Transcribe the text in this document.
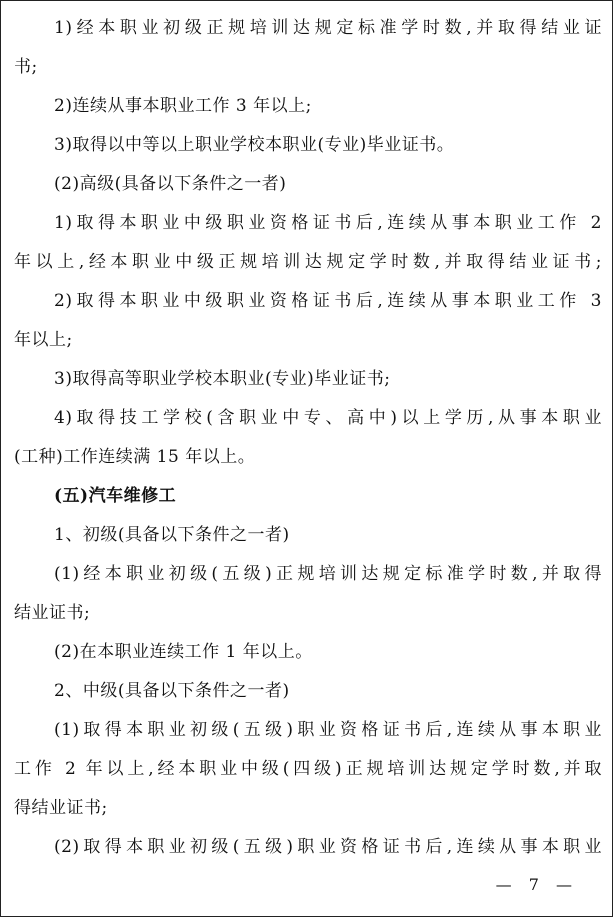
1)经本职业初级正规培训达规定标准学时数,并取得结业证
书;
2)连续从事本职业工作 3 年以上;
3)取得以中等以上职业学校本职业(专业)毕业证书。
(2)高级(具备以下条件之一者)
1)取得本职业中级职业资格证书后,连续从事本职业工作 2
年以上,经本职业中级正规培训达规定学时数,并取得结业证书;
2)取得本职业中级职业资格证书后,连续从事本职业工作 3
年以上;
3)取得高等职业学校本职业(专业)毕业证书;
4)取得技工学校(含职业中专、高中)以上学历,从事本职业
(工种)工作连续满 15 年以上。
(五)汽车维修工
1、初级(具备以下条件之一者)
(1)经本职业初级(五级)正规培训达规定标准学时数,并取得
结业证书;
(2)在本职业连续工作 1 年以上。
2、中级(具备以下条件之一者)
(1)取得本职业初级(五级)职业资格证书后,连续从事本职业
工作 2 年以上,经本职业中级(四级)正规培训达规定学时数,并取
得结业证书;
(2)取得本职业初级(五级)职业资格证书后,连续从事本职业
— 7 —
